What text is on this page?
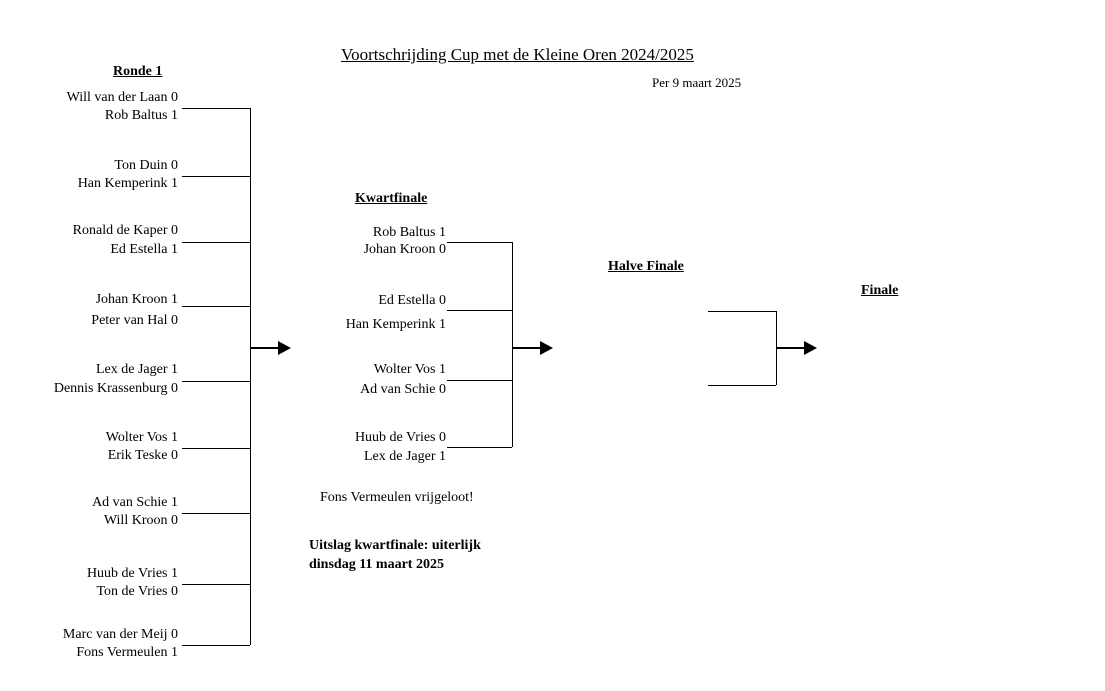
Voortschrijding Cup met de Kleine Oren 2024/2025
Per 9 maart 2025
Ronde 1
Kwartfinale
Halve Finale
Finale
Will van der Laan 0
Rob Baltus 1
Ton Duin 0
Han Kemperink 1
Ronald de Kaper 0
Ed Estella 1
Johan Kroon 1
Peter van Hal 0
Lex de Jager 1
Dennis Krassenburg 0
Wolter Vos 1
Erik Teske 0
Ad van Schie 1
Will Kroon 0
Huub de Vries 1
Ton de Vries 0
Marc van der Meij 0
Fons Vermeulen 1
Rob Baltus 1
Johan Kroon 0
Ed Estella 0
Han Kemperink 1
Wolter Vos 1
Ad van Schie 0
Huub de Vries 0
Lex de Jager 1
Fons Vermeulen vrijgeloot!
Uitslag kwartfinale: uiterlijk
dinsdag 11 maart 2025
